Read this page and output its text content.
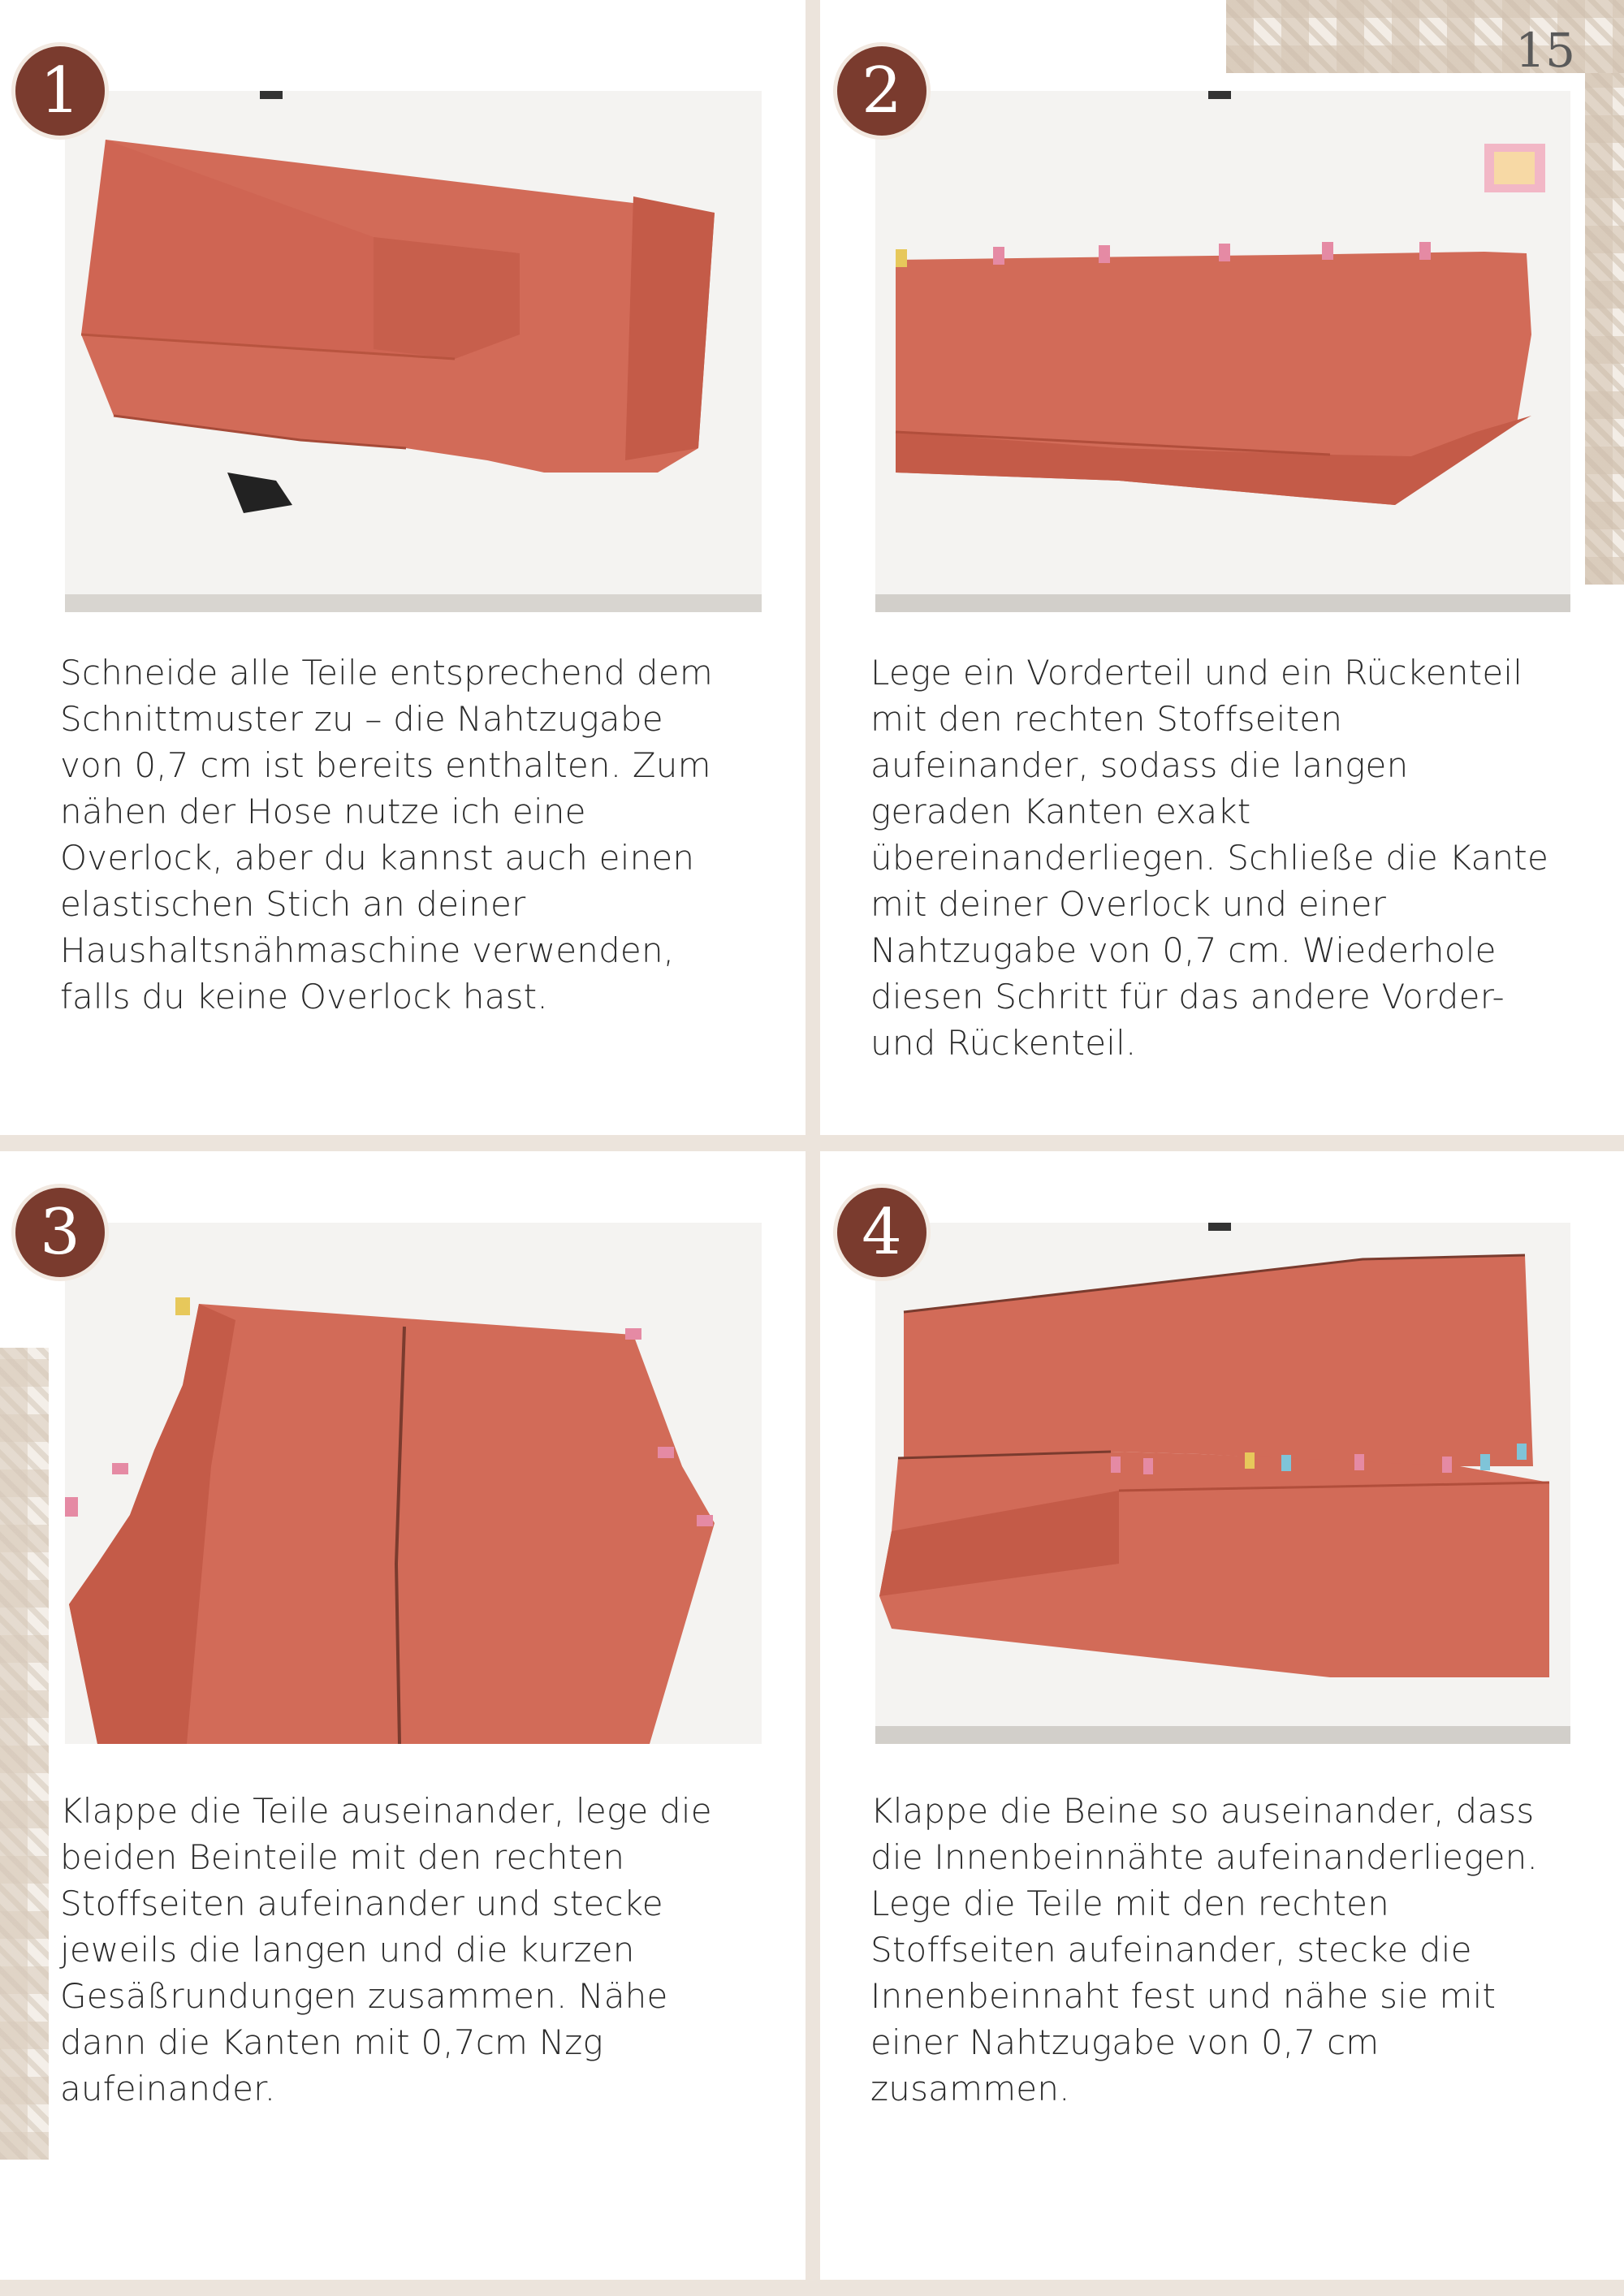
15
1

Schneide alle Teile entsprechend dem
Schnittmuster zu – die Nahtzugabe
von 0,7 cm ist bereits enthalten. Zum
nähen der Hose nutze ich eine
Overlock, aber du kannst auch einen
elastischen Stich an deiner
Haushaltsnähmaschine verwenden,
falls du keine Overlock hast.

2

Lege ein Vorderteil und ein Rückenteil
mit den rechten Stoffseiten
aufeinander, sodass die langen
geraden Kanten exakt
übereinanderliegen. Schließe die Kante
mit deiner Overlock und einer
Nahtzugabe von 0,7 cm. Wiederhole
diesen Schritt für das andere Vorder-
und Rückenteil.

3

Klappe die Teile auseinander, lege die
beiden Beinteile mit den rechten
Stoffseiten aufeinander und stecke
jeweils die langen und die kurzen
Gesäßrundungen zusammen. Nähe
dann die Kanten mit 0,7cm Nzg
aufeinander.

4

Klappe die Beine so auseinander, dass
die Innenbeinnähte aufeinanderliegen.
Lege die Teile mit den rechten
Stoffseiten aufeinander, stecke die
Innenbeinnaht fest und nähe sie mit
einer Nahtzugabe von 0,7 cm
zusammen.
